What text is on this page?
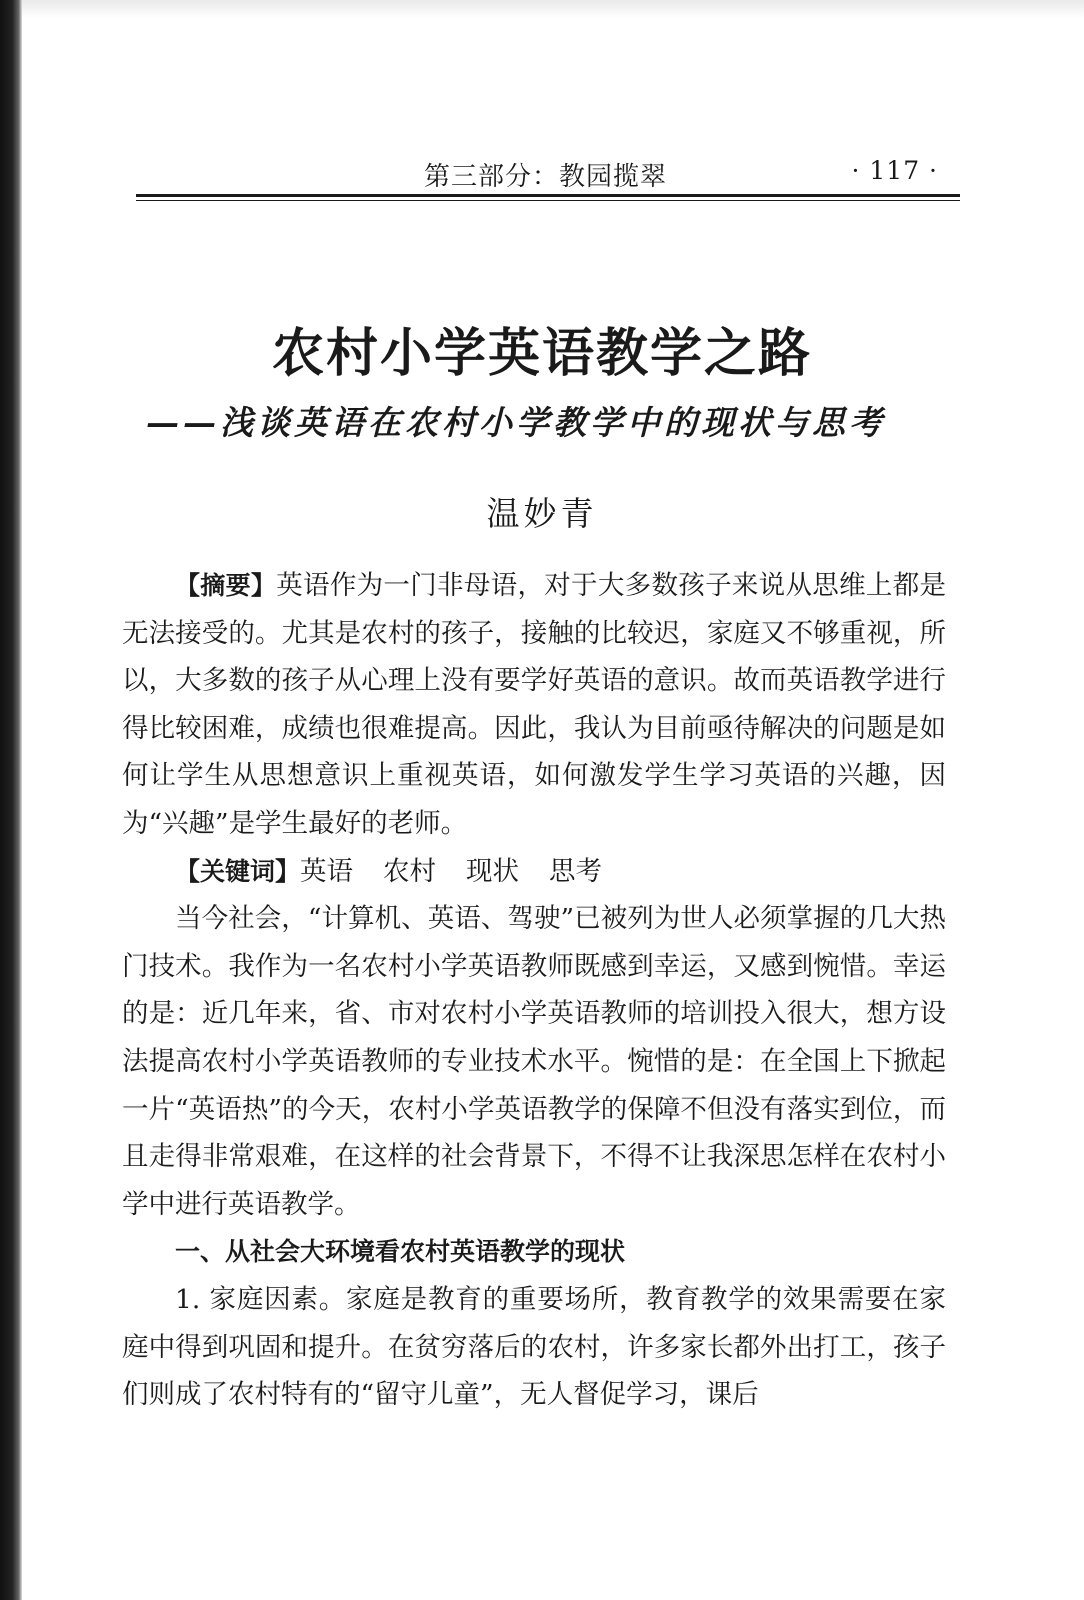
第三部分：教园揽翠	· 117 ·
农村小学英语教学之路
——浅谈英语在农村小学教学中的现状与思考
温妙青

【摘要】英语作为一门非母语，对于大多数孩子来说从思维上都是无法接受的。尤其是农村的孩子，接触的比较迟，家庭又不够重视，所以，大多数的孩子从心理上没有要学好英语的意识。故而英语教学进行得比较困难，成绩也很难提高。因此，我认为目前亟待解决的问题是如何让学生从思想意识上重视英语，如何激发学生学习英语的兴趣，因为“兴趣”是学生最好的老师。

【关键词】英语 农村 现状 思考

当今社会，“计算机、英语、驾驶”已被列为世人必须掌握的几大热门技术。我作为一名农村小学英语教师既感到幸运，又感到惋惜。幸运的是：近几年来，省、市对农村小学英语教师的培训投入很大，想方设法提高农村小学英语教师的专业技术水平。惋惜的是：在全国上下掀起一片“英语热”的今天，农村小学英语教学的保障不但没有落实到位，而且走得非常艰难，在这样的社会背景下，不得不让我深思怎样在农村小学中进行英语教学。

一、从社会大环境看农村英语教学的现状

1. 家庭因素。家庭是教育的重要场所，教育教学的效果需要在家庭中得到巩固和提升。在贫穷落后的农村，许多家长都外出打工，孩子们则成了农村特有的“留守儿童”，无人督促学习，课后
